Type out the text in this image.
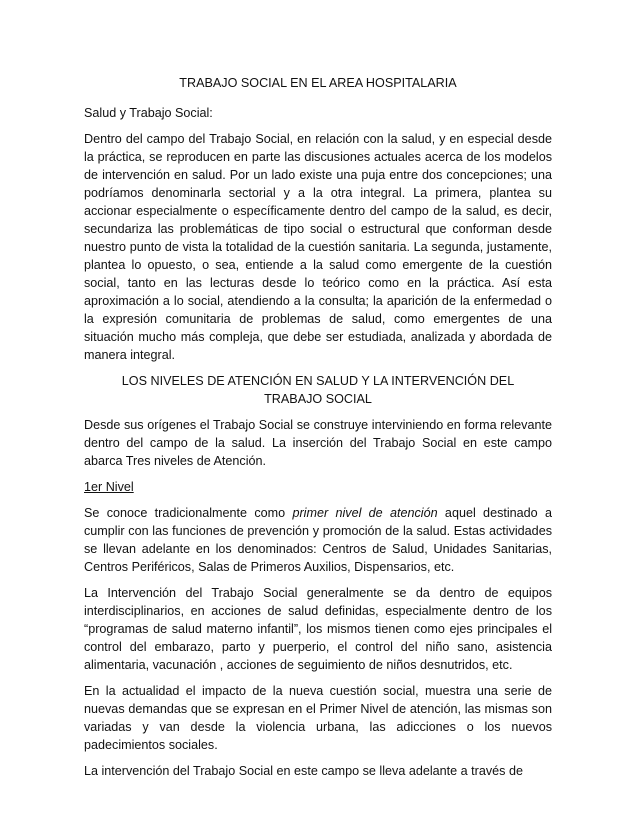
TRABAJO SOCIAL EN EL AREA HOSPITALARIA
Salud y Trabajo Social:

Dentro del campo del Trabajo Social, en relación con la salud, y en especial desde la práctica, se reproducen en parte las discusiones actuales acerca de los modelos de intervención en salud. Por un lado existe una puja entre dos concepciones; una podríamos denominarla sectorial y a la otra integral. La primera, plantea su accionar especialmente o específicamente dentro del campo de la salud, es decir, secundariza las problemáticas de tipo social o estructural que conforman desde nuestro punto de vista la totalidad de la cuestión sanitaria. La segunda, justamente, plantea lo opuesto, o sea, entiende a la salud como emergente de la cuestión social, tanto en las lecturas desde lo teórico como en la práctica. Así esta aproximación a lo social, atendiendo a la consulta; la aparición de la enfermedad o la expresión comunitaria de problemas de salud, como emergentes de una situación mucho más compleja, que debe ser estudiada, analizada y abordada de manera integral.

LOS NIVELES DE ATENCIÓN EN SALUD Y LA INTERVENCIÓN DEL TRABAJO SOCIAL

Desde sus orígenes el Trabajo Social se construye interviniendo en forma relevante dentro del campo de la salud. La inserción del Trabajo Social en este campo abarca Tres niveles de Atención.

1er Nivel

Se conoce tradicionalmente como primer nivel de atención aquel destinado a cumplir con las funciones de prevención y promoción de la salud. Estas actividades se llevan adelante en los denominados: Centros de Salud, Unidades Sanitarias, Centros Periféricos, Salas de Primeros Auxilios, Dispensarios, etc.

La Intervención del Trabajo Social generalmente se da dentro de equipos interdisciplinarios, en acciones de salud definidas, especialmente dentro de los “programas de salud materno infantil”, los mismos tienen como ejes principales el control del embarazo, parto y puerperio, el control del niño sano, asistencia alimentaria, vacunación , acciones de seguimiento de niños desnutridos, etc.

En la actualidad el impacto de la nueva cuestión social, muestra una serie de nuevas demandas que se expresan en el Primer Nivel de atención, las mismas son variadas y van desde la violencia urbana, las adicciones o los nuevos padecimientos sociales.

La intervención del Trabajo Social en este campo se lleva adelante a través de
